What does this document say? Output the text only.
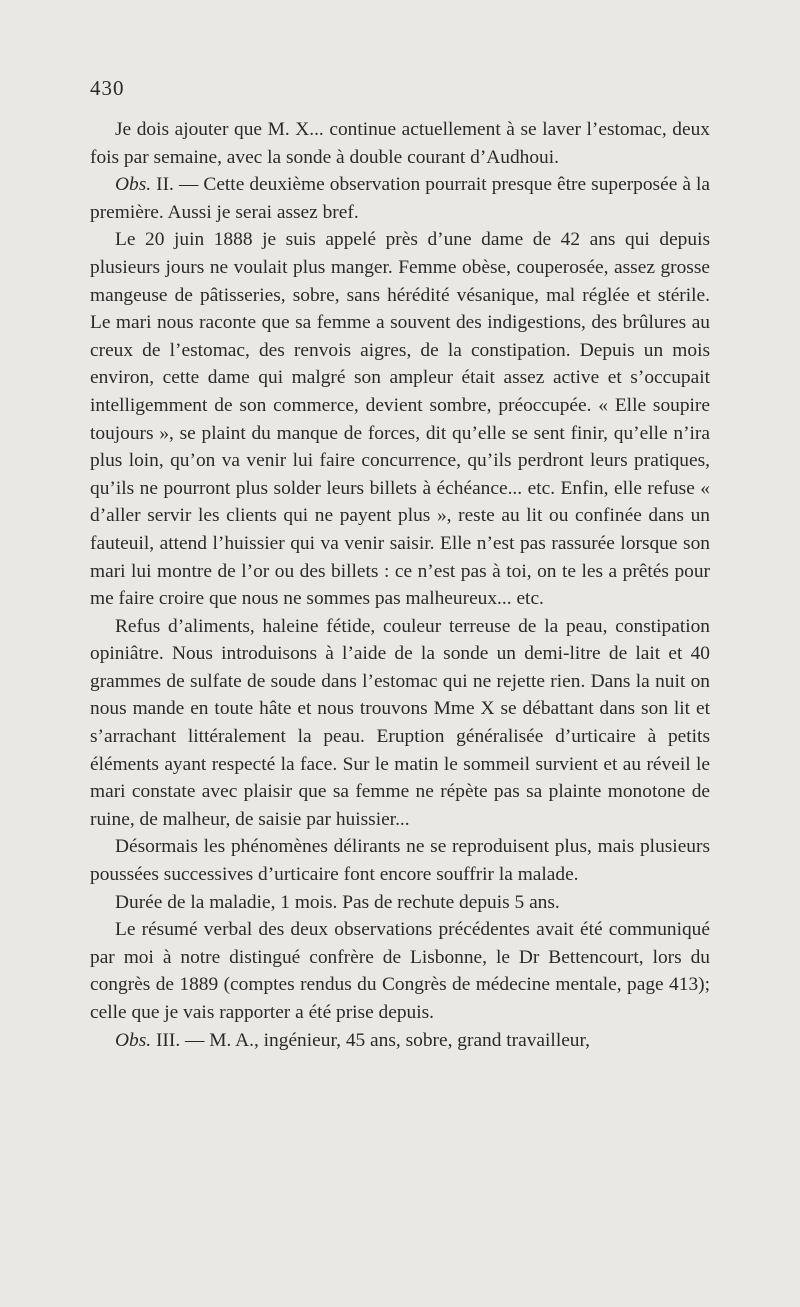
430

Je dois ajouter que M. X... continue actuellement à se laver l’estomac, deux fois par semaine, avec la sonde à double courant d’Audhoui.

Obs. II. — Cette deuxième observation pourrait presque être superposée à la première. Aussi je serai assez bref.

Le 20 juin 1888 je suis appelé près d’une dame de 42 ans qui depuis plusieurs jours ne voulait plus manger. Femme obèse, couperosée, assez grosse mangeuse de pâtisseries, sobre, sans hérédité vésanique, mal réglée et stérile. Le mari nous raconte que sa femme a souvent des indigestions, des brûlures au creux de l’estomac, des renvois aigres, de la constipation. Depuis un mois environ, cette dame qui malgré son ampleur était assez active et s’occupait intelligemment de son commerce, devient sombre, préoccupée. « Elle soupire toujours », se plaint du manque de forces, dit qu’elle se sent finir, qu’elle n’ira plus loin, qu’on va venir lui faire concurrence, qu’ils perdront leurs pratiques, qu’ils ne pourront plus solder leurs billets à échéance... etc. Enfin, elle refuse « d’aller servir les clients qui ne payent plus », reste au lit ou confinée dans un fauteuil, attend l’huissier qui va venir saisir. Elle n’est pas rassurée lorsque son mari lui montre de l’or ou des billets : ce n’est pas à toi, on te les a prêtés pour me faire croire que nous ne sommes pas malheureux... etc.

Refus d’aliments, haleine fétide, couleur terreuse de la peau, constipation opiniâtre. Nous introduisons à l’aide de la sonde un demi-litre de lait et 40 grammes de sulfate de soude dans l’estomac qui ne rejette rien. Dans la nuit on nous mande en toute hâte et nous trouvons Mme X se débattant dans son lit et s’arrachant littéralement la peau. Eruption généralisée d’urticaire à petits éléments ayant respecté la face. Sur le matin le sommeil survient et au réveil le mari constate avec plaisir que sa femme ne répète pas sa plainte monotone de ruine, de malheur, de saisie par huissier...

Désormais les phénomènes délirants ne se reproduisent plus, mais plusieurs poussées successives d’urticaire font encore souffrir la malade.

Durée de la maladie, 1 mois. Pas de rechute depuis 5 ans.

Le résumé verbal des deux observations précédentes avait été communiqué par moi à notre distingué confrère de Lisbonne, le Dr Bettencourt, lors du congrès de 1889 (comptes rendus du Congrès de médecine mentale, page 413); celle que je vais rapporter a été prise depuis.

Obs. III. — M. A., ingénieur, 45 ans, sobre, grand travailleur,
